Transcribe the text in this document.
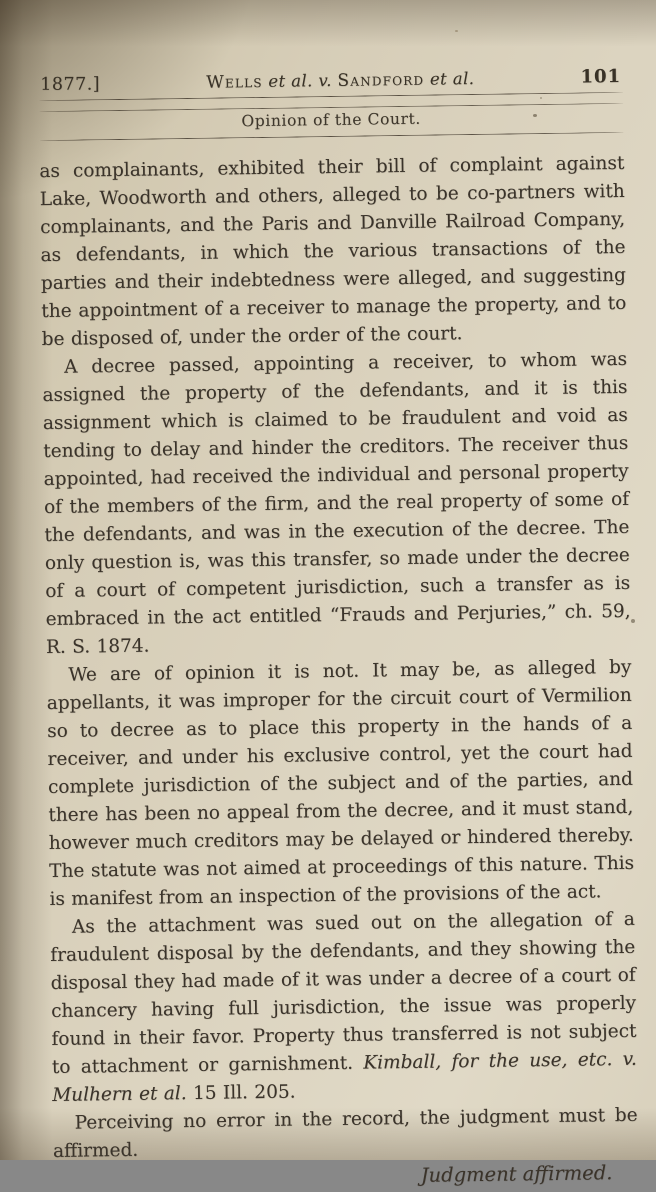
1877.]	Wells et al. v. Sandford et al.	101
Opinion of the Court.

as complainants, exhibited their bill of complaint against Lake, Woodworth and others, alleged to be co-partners with complainants, and the Paris and Danville Railroad Company, as defendants, in which the various transactions of the parties and their indebtedness were alleged, and suggesting the appointment of a receiver to manage the property, and to be disposed of, under the order of the court.

A decree passed, appointing a receiver, to whom was assigned the property of the defendants, and it is this assignment which is claimed to be fraudulent and void as tending to delay and hinder the creditors. The receiver thus appointed, had received the individual and personal property of the members of the firm, and the real property of some of the defendants, and was in the execution of the decree. The only question is, was this transfer, so made under the decree of a court of competent jurisdiction, such a transfer as is embraced in the act entitled “Frauds and Perjuries,” ch. 59, R. S. 1874.

We are of opinion it is not. It may be, as alleged by appellants, it was improper for the circuit court of Vermilion so to decree as to place this property in the hands of a receiver, and under his exclusive control, yet the court had complete jurisdiction of the subject and of the parties, and there has been no appeal from the decree, and it must stand, however much creditors may be delayed or hindered thereby. The statute was not aimed at proceedings of this nature. This is manifest from an inspection of the provisions of the act.

As the attachment was sued out on the allegation of a fraudulent disposal by the defendants, and they showing the disposal they had made of it was under a decree of a court of chancery having full jurisdiction, the issue was properly found in their favor. Property thus transferred is not subject to attachment or garnishment. Kimball, for the use, etc. v. Mulhern et al. 15 Ill. 205.

Perceiving no error in the record, the judgment must be affirmed.

Judgment affirmed.
